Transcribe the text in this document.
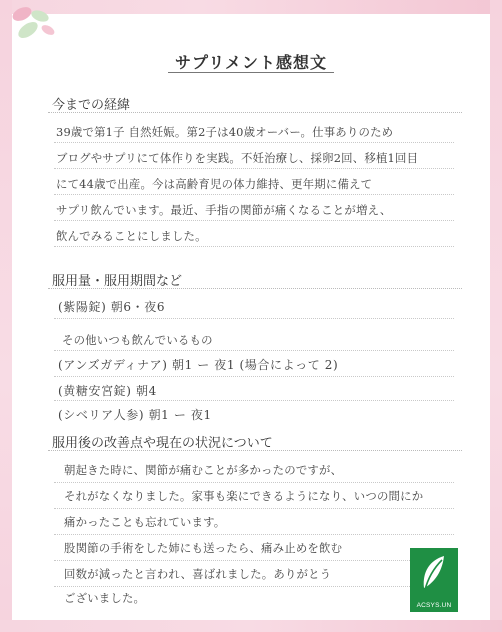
サプリメント感想文
今までの経緯
39歳で第1子 自然妊娠。第2子は40歳オーバー。仕事ありのため
ブログやサプリにて体作りを実践。不妊治療し、採卵2回、移植1回目
にて44歳で出産。今は高齢育児の体力維持、更年期に備えて
サプリ飲んでいます。最近、手指の関節が痛くなることが増え、
飲んでみることにしました。
服用量・服用期間など
(紫陽錠) 朝6・夜6
その他いつも飲んでいるもの
(アンズガディナア) 朝1 ー 夜1 (場合によって 2)
(黄糖安宮錠) 朝4
(シベリア人参) 朝1 ー 夜1
服用後の改善点や現在の状況について
朝起きた時に、関節が痛むことが多かったのですが、
それがなくなりました。家事も楽にできるようになり、いつの間にか
痛かったことも忘れています。
股関節の手術をした姉にも送ったら、痛み止めを飲む
回数が減ったと言われ、喜ばれました。ありがとう
ございました。
ACSYS.UN
